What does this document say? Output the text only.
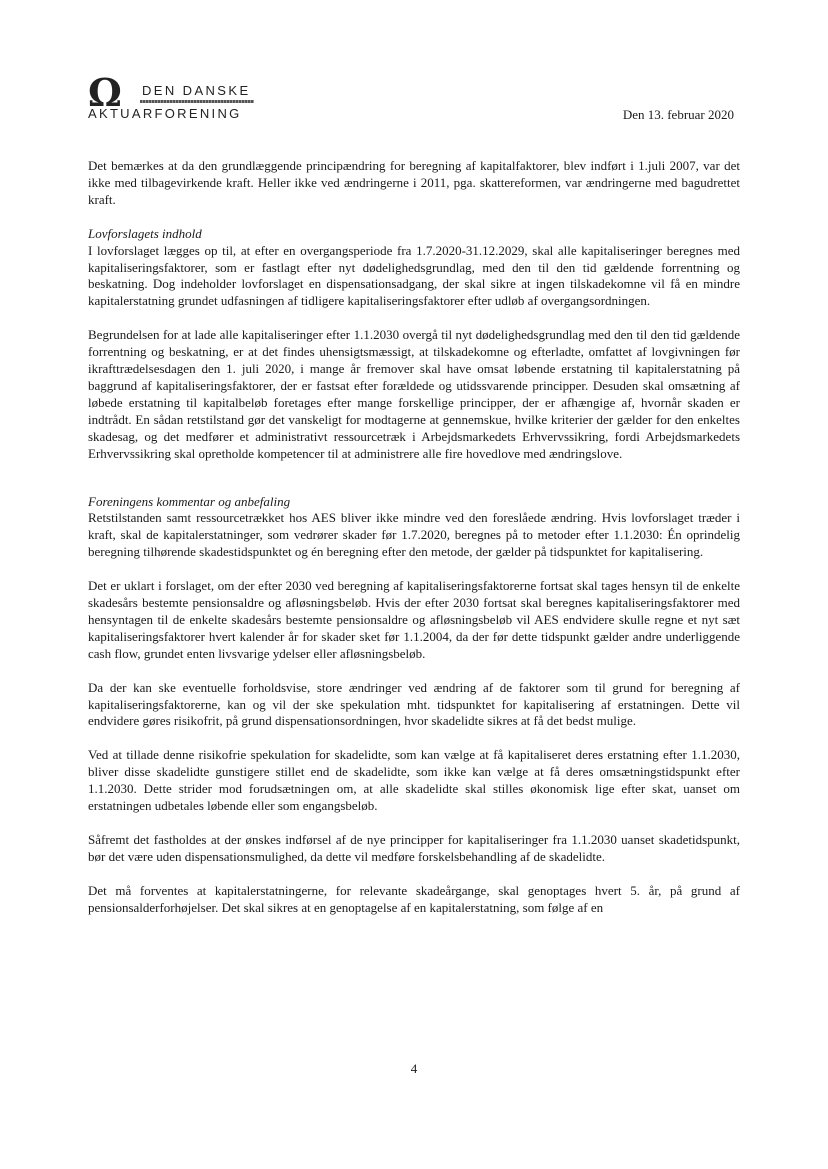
Ω DEN DANSKE
AKTUARFORENING	Den 13. februar 2020

Det bemærkes at da den grundlæggende principændring for beregning af kapitalfaktorer, blev indført i 1.juli 2007, var det ikke med tilbagevirkende kraft. Heller ikke ved ændringerne i 2011, pga. skattereformen, var ændringerne med bagudrettet kraft.

Lovforslagets indhold

I lovforslaget lægges op til, at efter en overgangsperiode fra 1.7.2020-31.12.2029, skal alle kapitaliseringer beregnes med kapitaliseringsfaktorer, som er fastlagt efter nyt dødelighedsgrundlag, med den til den tid gældende forrentning og beskatning. Dog indeholder lovforslaget en dispensationsadgang, der skal sikre at ingen tilskadekomne vil få en mindre kapitalerstatning grundet udfasningen af tidligere kapitaliseringsfaktorer efter udløb af overgangsordningen.

Begrundelsen for at lade alle kapitaliseringer efter 1.1.2030 overgå til nyt dødelighedsgrundlag med den til den tid gældende forrentning og beskatning, er at det findes uhensigtsmæssigt, at tilskadekomne og efterladte, omfattet af lovgivningen før ikrafttrædelsesdagen den 1. juli 2020, i mange år fremover skal have omsat løbende erstatning til kapitalerstatning på baggrund af kapitaliseringsfaktorer, der er fastsat efter forældede og utidssvarende principper. Desuden skal omsætning af løbede erstatning til kapitalbeløb foretages efter mange forskellige principper, der er afhængige af, hvornår skaden er indtrådt. En sådan retstilstand gør det vanskeligt for modtagerne at gennemskue, hvilke kriterier der gælder for den enkeltes skadesag, og det medfører et administrativt ressourcetræk i Arbejdsmarkedets Erhvervssikring, fordi Arbejdsmarkedets Erhvervssikring skal opretholde kompetencer til at administrere alle fire hovedlove med ændringslove.

Foreningens kommentar og anbefaling

Retstilstanden samt ressourcetrækket hos AES bliver ikke mindre ved den foreslåede ændring. Hvis lovforslaget træder i kraft, skal de kapitalerstatninger, som vedrører skader før 1.7.2020, beregnes på to metoder efter 1.1.2030: Én oprindelig beregning tilhørende skadestidspunktet og én beregning efter den metode, der gælder på tidspunktet for kapitalisering.

Det er uklart i forslaget, om der efter 2030 ved beregning af kapitaliseringsfaktorerne fortsat skal tages hensyn til de enkelte skadesårs bestemte pensionsaldre og afløsningsbeløb. Hvis der efter 2030 fortsat skal beregnes kapitaliseringsfaktorer med hensyntagen til de enkelte skadesårs bestemte pensionsaldre og afløsningsbeløb vil AES endvidere skulle regne et nyt sæt kapitaliseringsfaktorer hvert kalender år for skader sket før 1.1.2004, da der før dette tidspunkt gælder andre underliggende cash flow, grundet enten livsvarige ydelser eller afløsningsbeløb.

Da der kan ske eventuelle forholdsvise, store ændringer ved ændring af de faktorer som til grund for beregning af kapitaliseringsfaktorerne, kan og vil der ske spekulation mht. tidspunktet for kapitalisering af erstatningen. Dette vil endvidere gøres risikofrit, på grund dispensationsordningen, hvor skadelidte sikres at få det bedst mulige.

Ved at tillade denne risikofrie spekulation for skadelidte, som kan vælge at få kapitaliseret deres erstatning efter 1.1.2030, bliver disse skadelidte gunstigere stillet end de skadelidte, som ikke kan vælge at få deres omsætningstidspunkt efter 1.1.2030. Dette strider mod forudsætningen om, at alle skadelidte skal stilles økonomisk lige efter skat, uanset om erstatningen udbetales løbende eller som engangsbeløb.

Såfremt det fastholdes at der ønskes indførsel af de nye principper for kapitaliseringer fra 1.1.2030 uanset skadetidspunkt, bør det være uden dispensationsmulighed, da dette vil medføre forskelsbehandling af de skadelidte.

Det må forventes at kapitalerstatningerne, for relevante skadeårgange, skal genoptages hvert 5. år, på grund af pensionsalderforhøjelser. Det skal sikres at en genoptagelse af en kapitalerstatning, som følge af en

4
